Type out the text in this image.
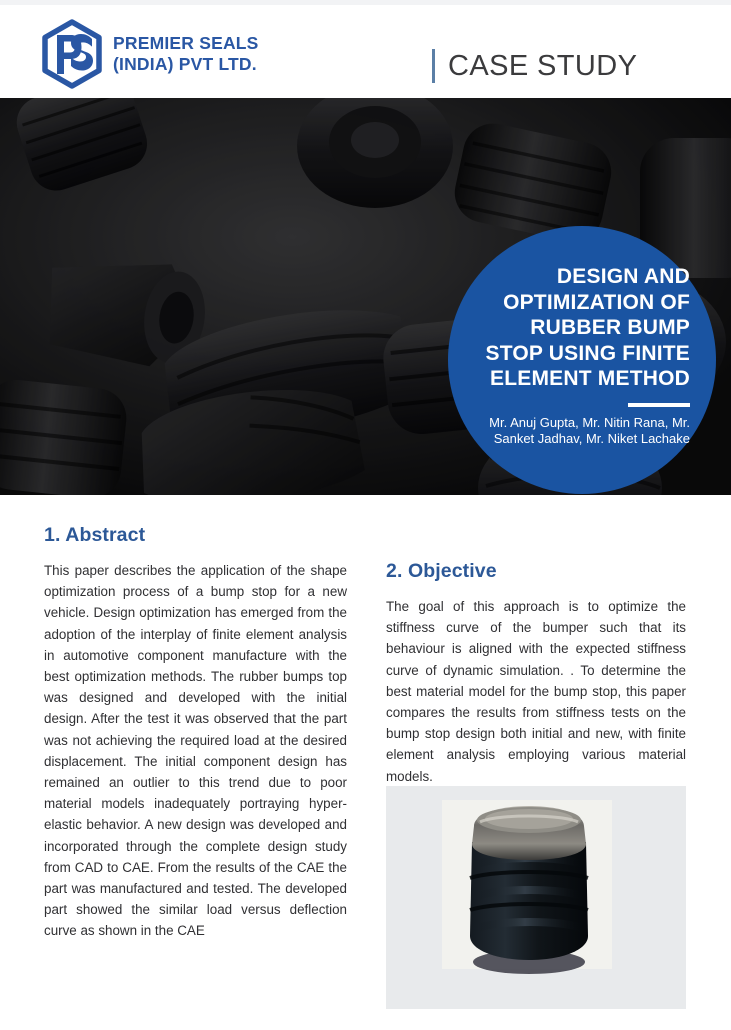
PREMIER SEALS
(INDIA) PVT LTD.	CASE STUDY
DESIGN AND OPTIMIZATION OF RUBBER BUMP STOP USING FINITE ELEMENT METHOD
Mr. Anuj Gupta, Mr. Nitin Rana, Mr. Sanket Jadhav, Mr. Niket Lachake
1. Abstract

This paper describes the application of the shape optimization process of a bump stop for a new vehicle. Design optimization has emerged from the adoption of the interplay of finite element analysis in automotive component manufacture with the best optimization methods. The rubber bumps top was designed and developed with the initial design. After the test it was observed that the part was not achieving the required load at the desired displacement. The initial component design has remained an outlier to this trend due to poor material models inadequately portraying hyper-elastic behavior. A new design was developed and incorporated through the complete design study from CAD to CAE. From the results of the CAE the part was manufactured and tested. The developed part showed the similar load versus deflection curve as shown in the CAE

2. Objective

The goal of this approach is to optimize the stiffness curve of the bumper such that its behaviour is aligned with the expected stiffness curve of dynamic simulation. . To determine the best material model for the bump stop, this paper compares the results from stiffness tests on the bump stop design both initial and new, with finite element analysis employing various material models.
